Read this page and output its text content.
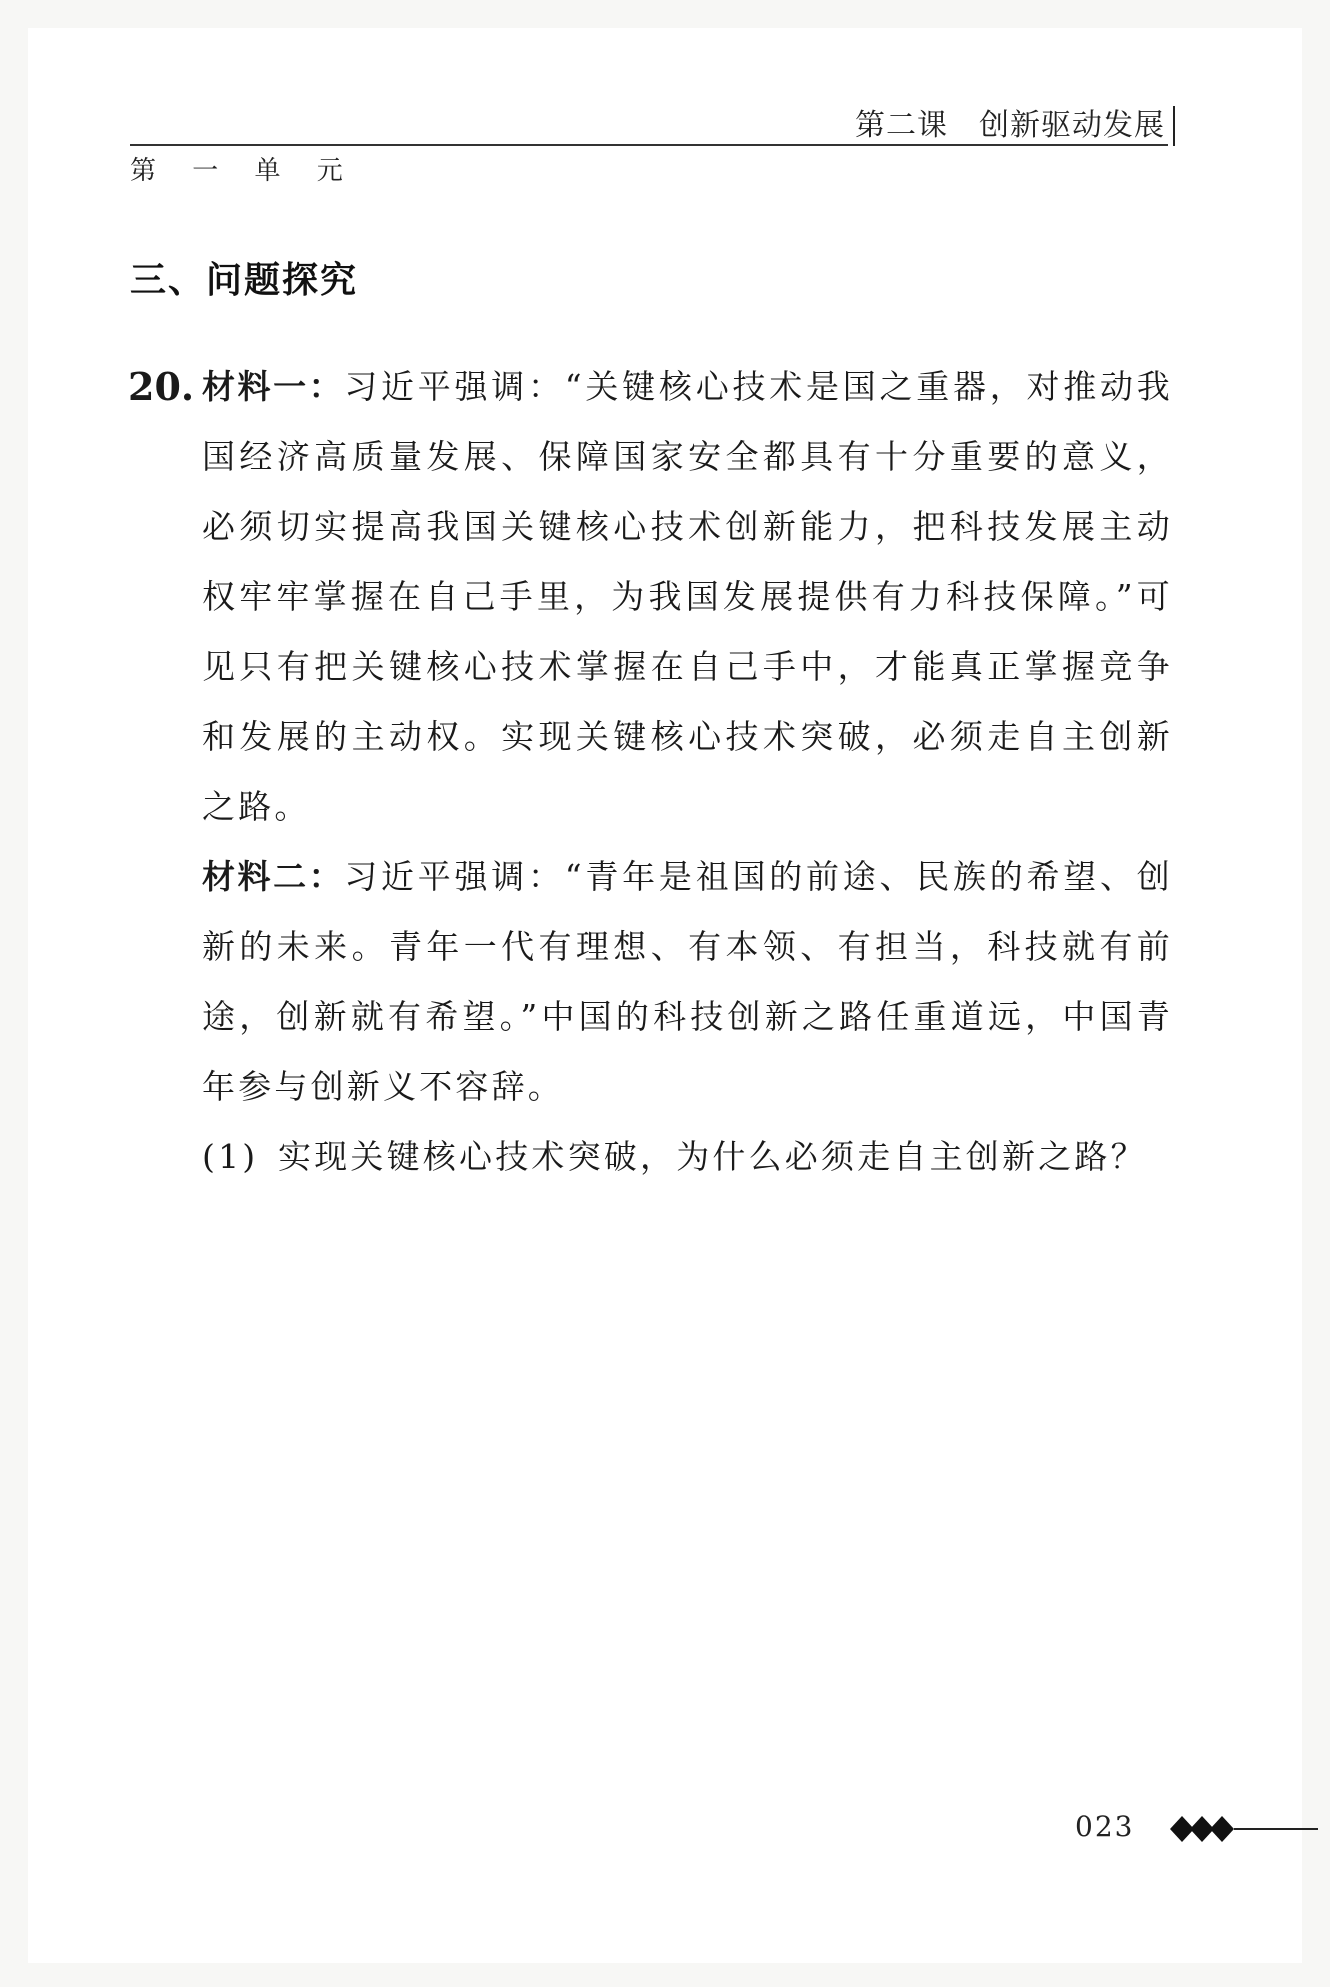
第二课　创新驱动发展
第 一 单 元
三、问题探究
20. 材料一：习近平强调：“关键核心技术是国之重器，对推动我国经济高质量发展、保障国家安全都具有十分重要的意义，必须切实提高我国关键核心技术创新能力，把科技发展主动权牢牢掌握在自己手里，为我国发展提供有力科技保障。”可见只有把关键核心技术掌握在自己手中，才能真正掌握竞争和发展的主动权。实现关键核心技术突破，必须走自主创新之路。

材料二：习近平强调：“青年是祖国的前途、民族的希望、创新的未来。青年一代有理想、有本领、有担当，科技就有前途，创新就有希望。”中国的科技创新之路任重道远，中国青年参与创新义不容辞。

(1) 实现关键核心技术突破，为什么必须走自主创新之路？
023
